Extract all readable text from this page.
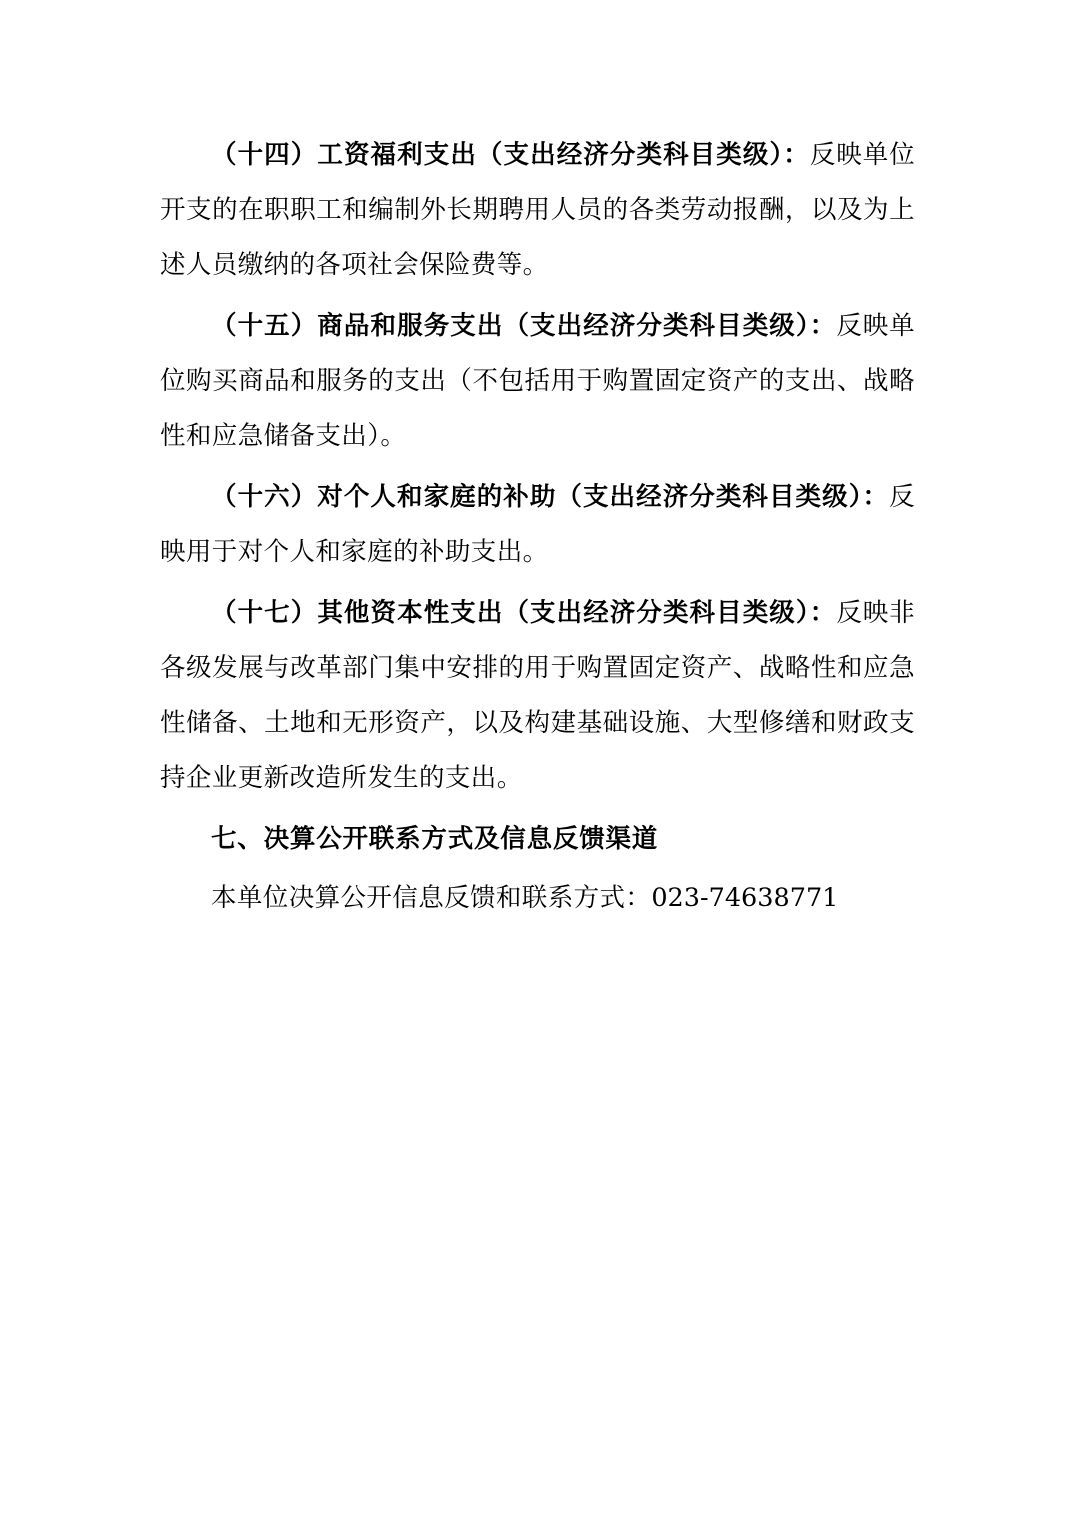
（十四）工资福利支出（支出经济分类科目类级）：反映单位开支的在职职工和编制外长期聘用人员的各类劳动报酬，以及为上述人员缴纳的各项社会保险费等。

（十五）商品和服务支出（支出经济分类科目类级）：反映单位购买商品和服务的支出（不包括用于购置固定资产的支出、战略性和应急储备支出）。

（十六）对个人和家庭的补助（支出经济分类科目类级）：反映用于对个人和家庭的补助支出。

（十七）其他资本性支出（支出经济分类科目类级）：反映非各级发展与改革部门集中安排的用于购置固定资产、战略性和应急性储备、土地和无形资产，以及构建基础设施、大型修缮和财政支持企业更新改造所发生的支出。

七、决算公开联系方式及信息反馈渠道

本单位决算公开信息反馈和联系方式：023-74638771
